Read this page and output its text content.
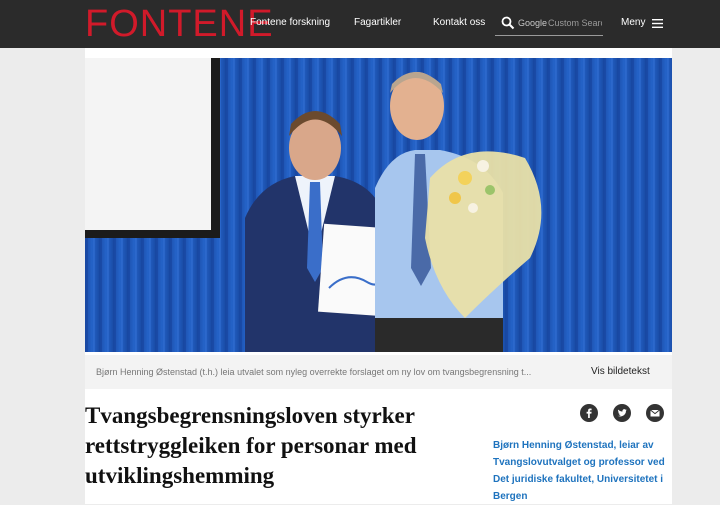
FONTENE
Fontene forskning Fagartikler	Kontakt oss	Google
Custom Search	Meny
Bjørn Henning Østenstad (t.h.) leia utvalet som nyleg overrekte forslaget om ny lov om tvangsbegrensning t...	Vis bildetekst
Tvangsbegrensningsloven styrker rettstryggleiken for personar med utviklingshemming
Bjørn Henning Østenstad, leiar av Tvangslovutvalget og professor ved Det juridiske fakultet, Universitetet i Bergen
